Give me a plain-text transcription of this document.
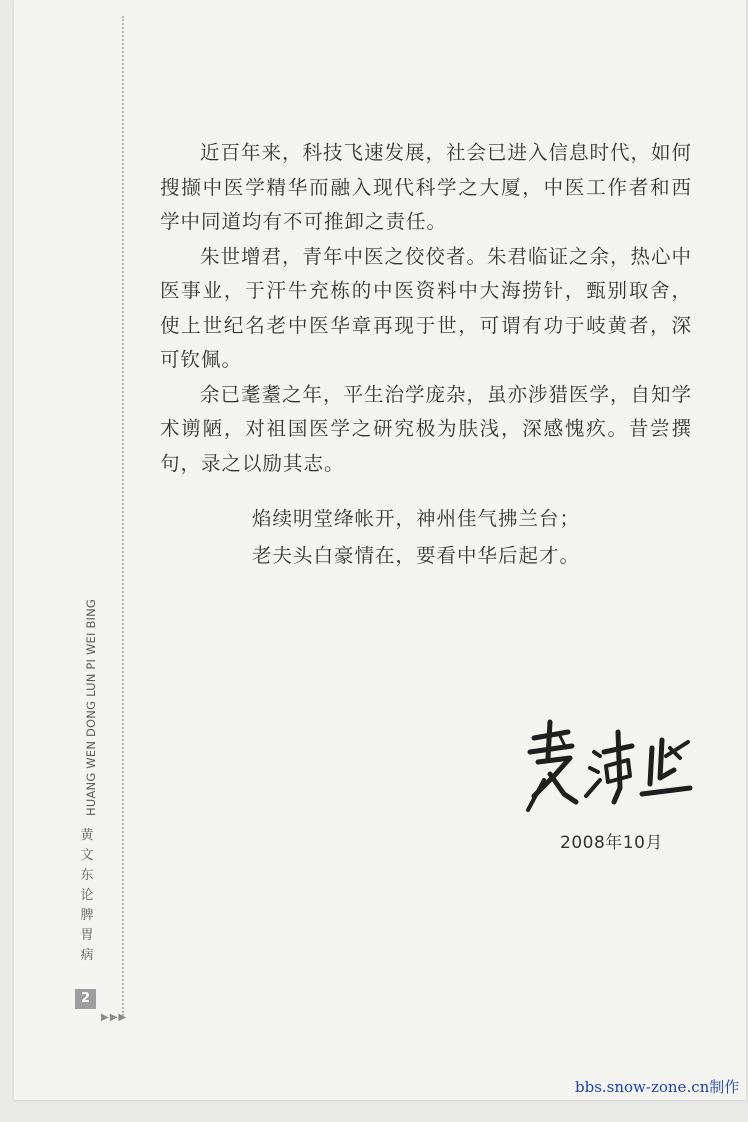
近百年来，科技飞速发展，社会已进入信息时代，如何搜撷中医学精华而融入现代科学之大厦，中医工作者和西学中同道均有不可推卸之责任。

朱世增君，青年中医之佼佼者。朱君临证之余，热心中医事业，于汗牛充栋的中医资料中大海捞针，甄别取舍，使上世纪名老中医华章再现于世，可谓有功于岐黄者，深可钦佩。

余已耄耋之年，平生治学庞杂，虽亦涉猎医学，自知学术谫陋，对祖国医学之研究极为肤浅，深感愧疚。昔尝撰句，录之以励其志。

焰续明堂绛帐开，神州佳气拂兰台；
老夫头白豪情在，要看中华后起才。
2008年10月
HUANG WEN DONG LUN PI WEI BING
黄文东论脾胃病
2
▶▶▶
bbs.snow-zone.cn制作
